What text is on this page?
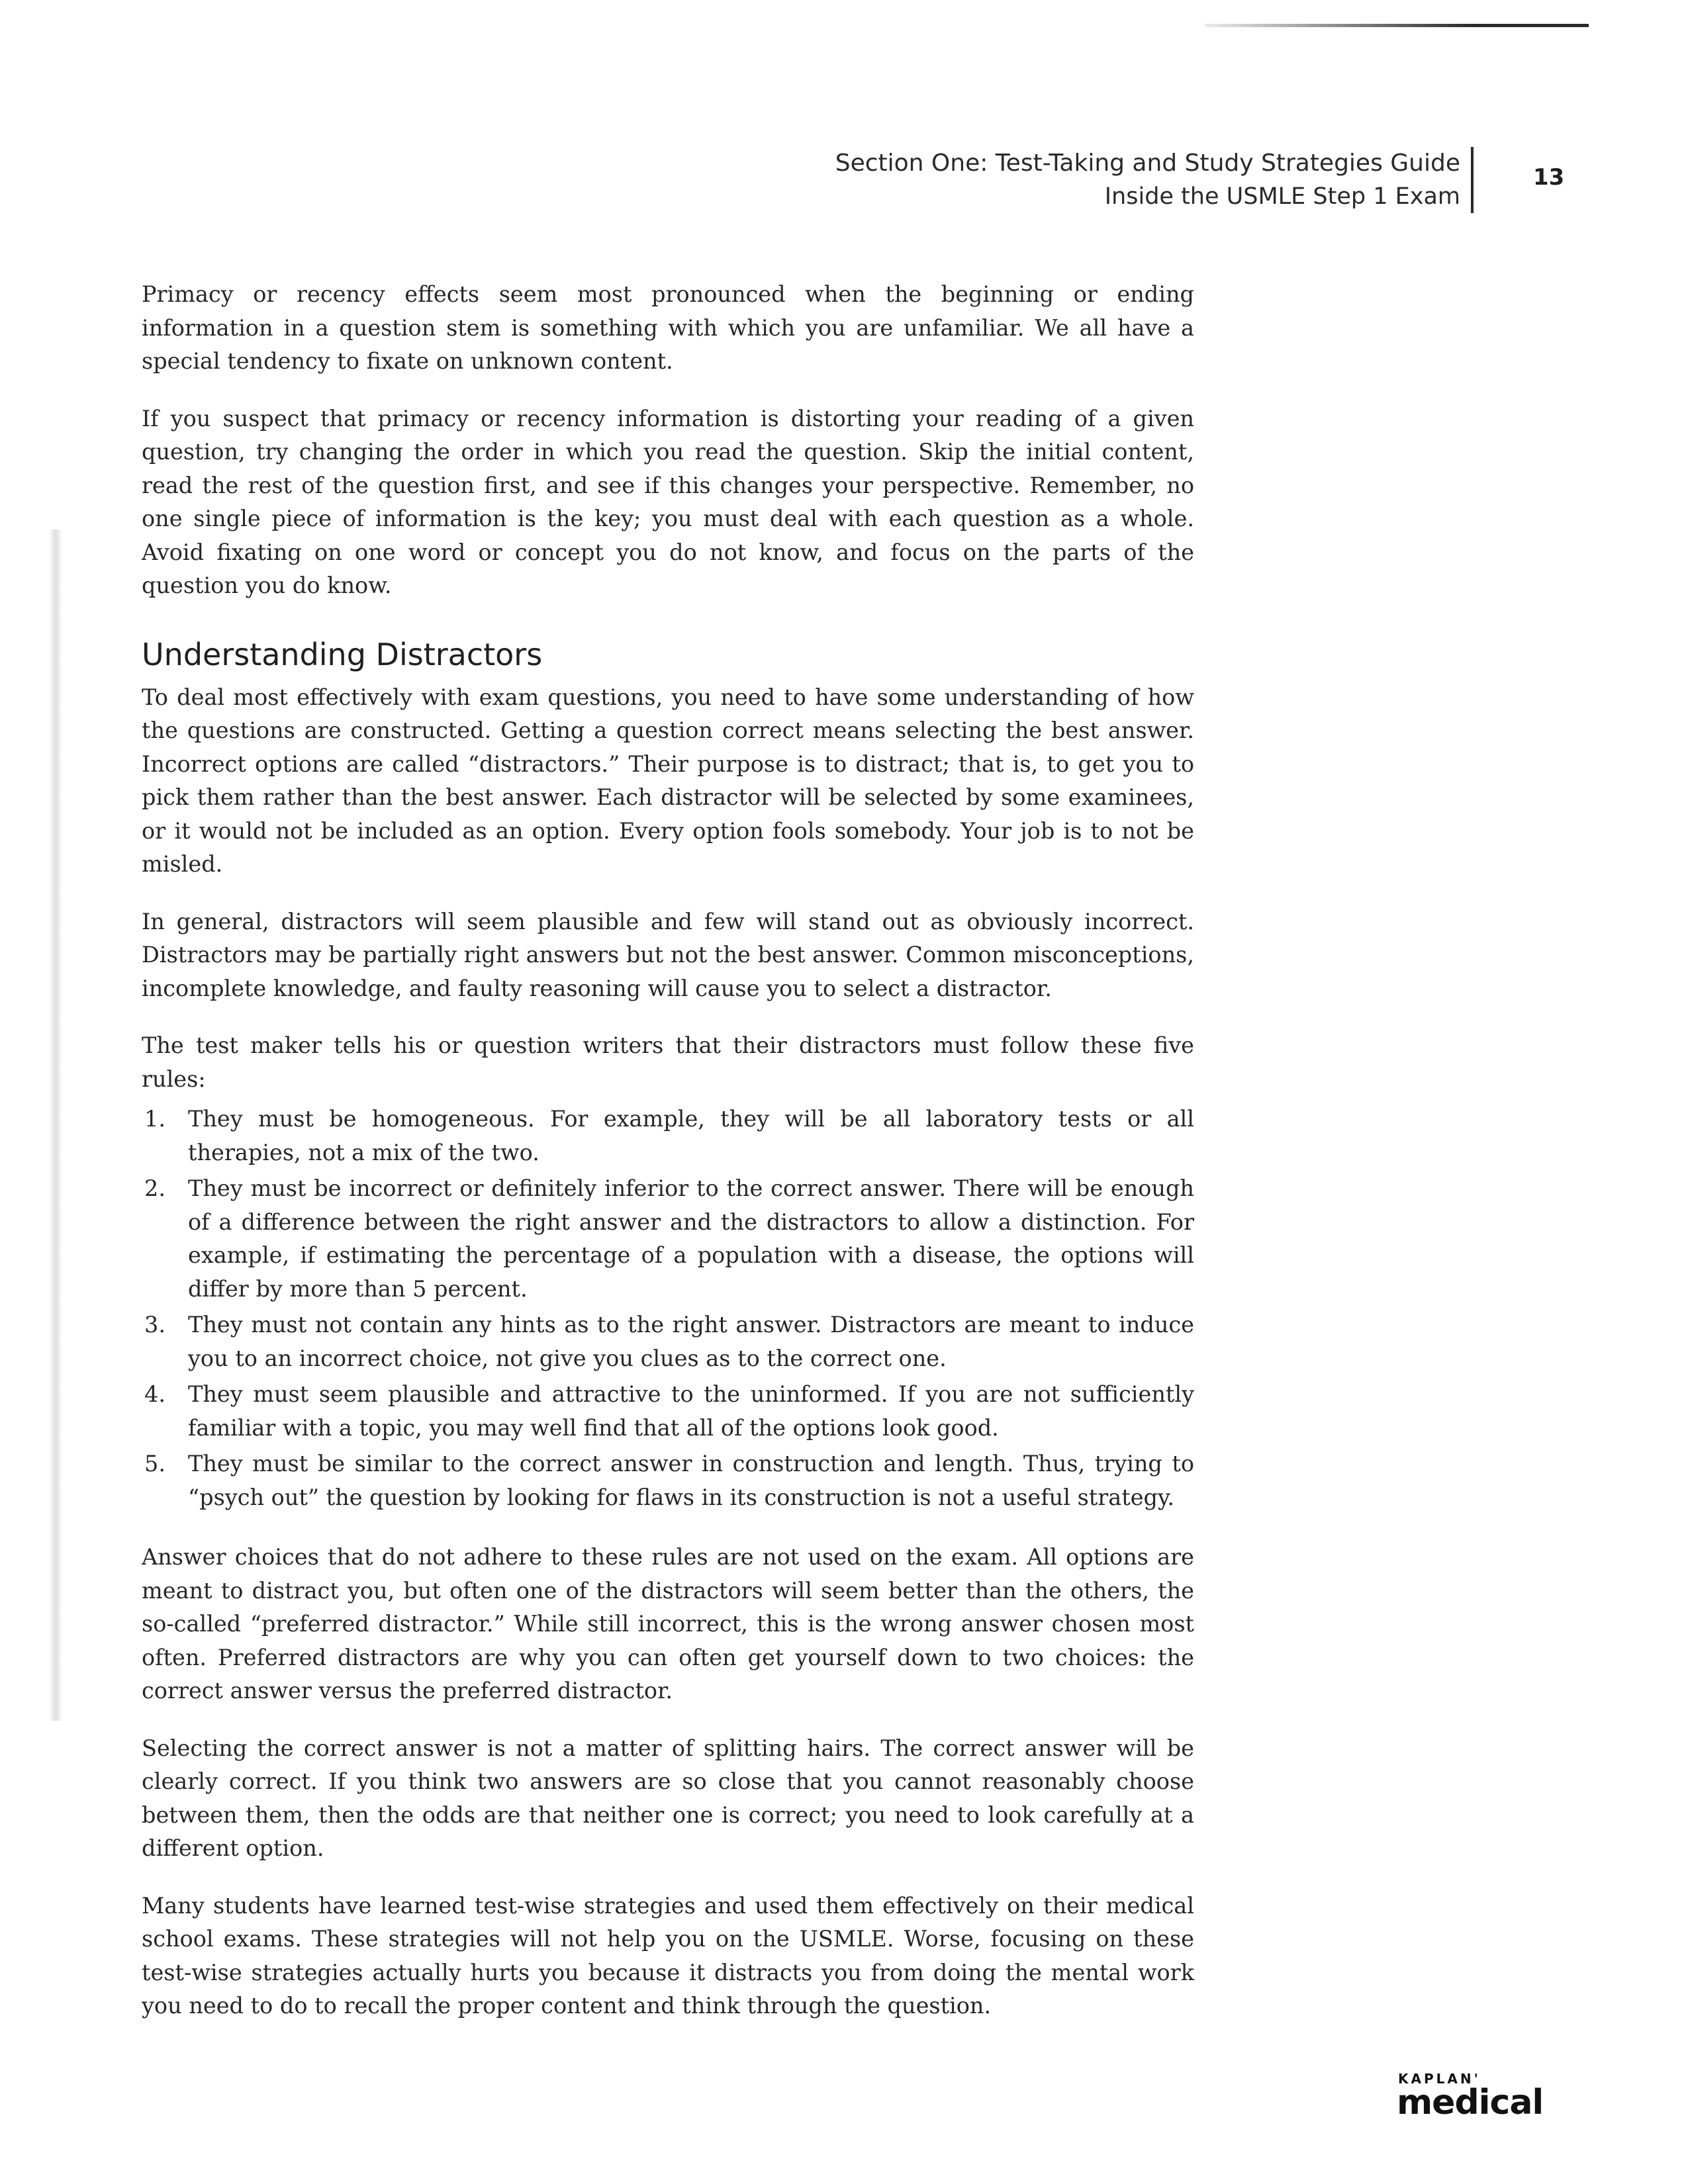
Section One: Test-Taking and Study Strategies Guide
Inside the USMLE Step 1 Exam
13

Primacy or recency effects seem most pronounced when the beginning or ending information in a question stem is something with which you are unfamiliar. We all have a special tendency to fixate on unknown content.

If you suspect that primacy or recency information is distorting your reading of a given question, try changing the order in which you read the question. Skip the initial content, read the rest of the question first, and see if this changes your perspective. Remember, no one single piece of information is the key; you must deal with each question as a whole. Avoid fixating on one word or concept you do not know, and focus on the parts of the question you do know.

Understanding Distractors

To deal most effectively with exam questions, you need to have some understanding of how the questions are constructed. Getting a question correct means selecting the best answer. Incorrect options are called “distractors.” Their purpose is to distract; that is, to get you to pick them rather than the best answer. Each distractor will be selected by some examinees, or it would not be included as an option. Every option fools somebody. Your job is to not be misled.

In general, distractors will seem plausible and few will stand out as obviously incorrect. Distractors may be partially right answers but not the best answer. Common misconceptions, incomplete knowledge, and faulty reasoning will cause you to select a distractor.

The test maker tells his or question writers that their distractors must follow these five rules:

1. They must be homogeneous. For example, they will be all laboratory tests or all therapies, not a mix of the two.
2. They must be incorrect or definitely inferior to the correct answer. There will be enough of a difference between the right answer and the distractors to allow a distinction. For example, if estimating the percentage of a population with a disease, the options will differ by more than 5 percent.
3. They must not contain any hints as to the right answer. Distractors are meant to induce you to an incorrect choice, not give you clues as to the correct one.
4. They must seem plausible and attractive to the uninformed. If you are not sufficiently familiar with a topic, you may well find that all of the options look good.
5. They must be similar to the correct answer in construction and length. Thus, trying to “psych out” the question by looking for flaws in its construction is not a useful strategy.

Answer choices that do not adhere to these rules are not used on the exam. All options are meant to distract you, but often one of the distractors will seem better than the others, the so-called “preferred distractor.” While still incorrect, this is the wrong answer chosen most often. Preferred distractors are why you can often get yourself down to two choices: the correct answer versus the preferred distractor.

Selecting the correct answer is not a matter of splitting hairs. The correct answer will be clearly correct. If you think two answers are so close that you cannot reasonably choose between them, then the odds are that neither one is correct; you need to look carefully at a different option.

Many students have learned test-wise strategies and used them effectively on their medical school exams. These strategies will not help you on the USMLE. Worse, focusing on these test-wise strategies actually hurts you because it distracts you from doing the mental work you need to do to recall the proper content and think through the question.

KAPLAN'
medical
